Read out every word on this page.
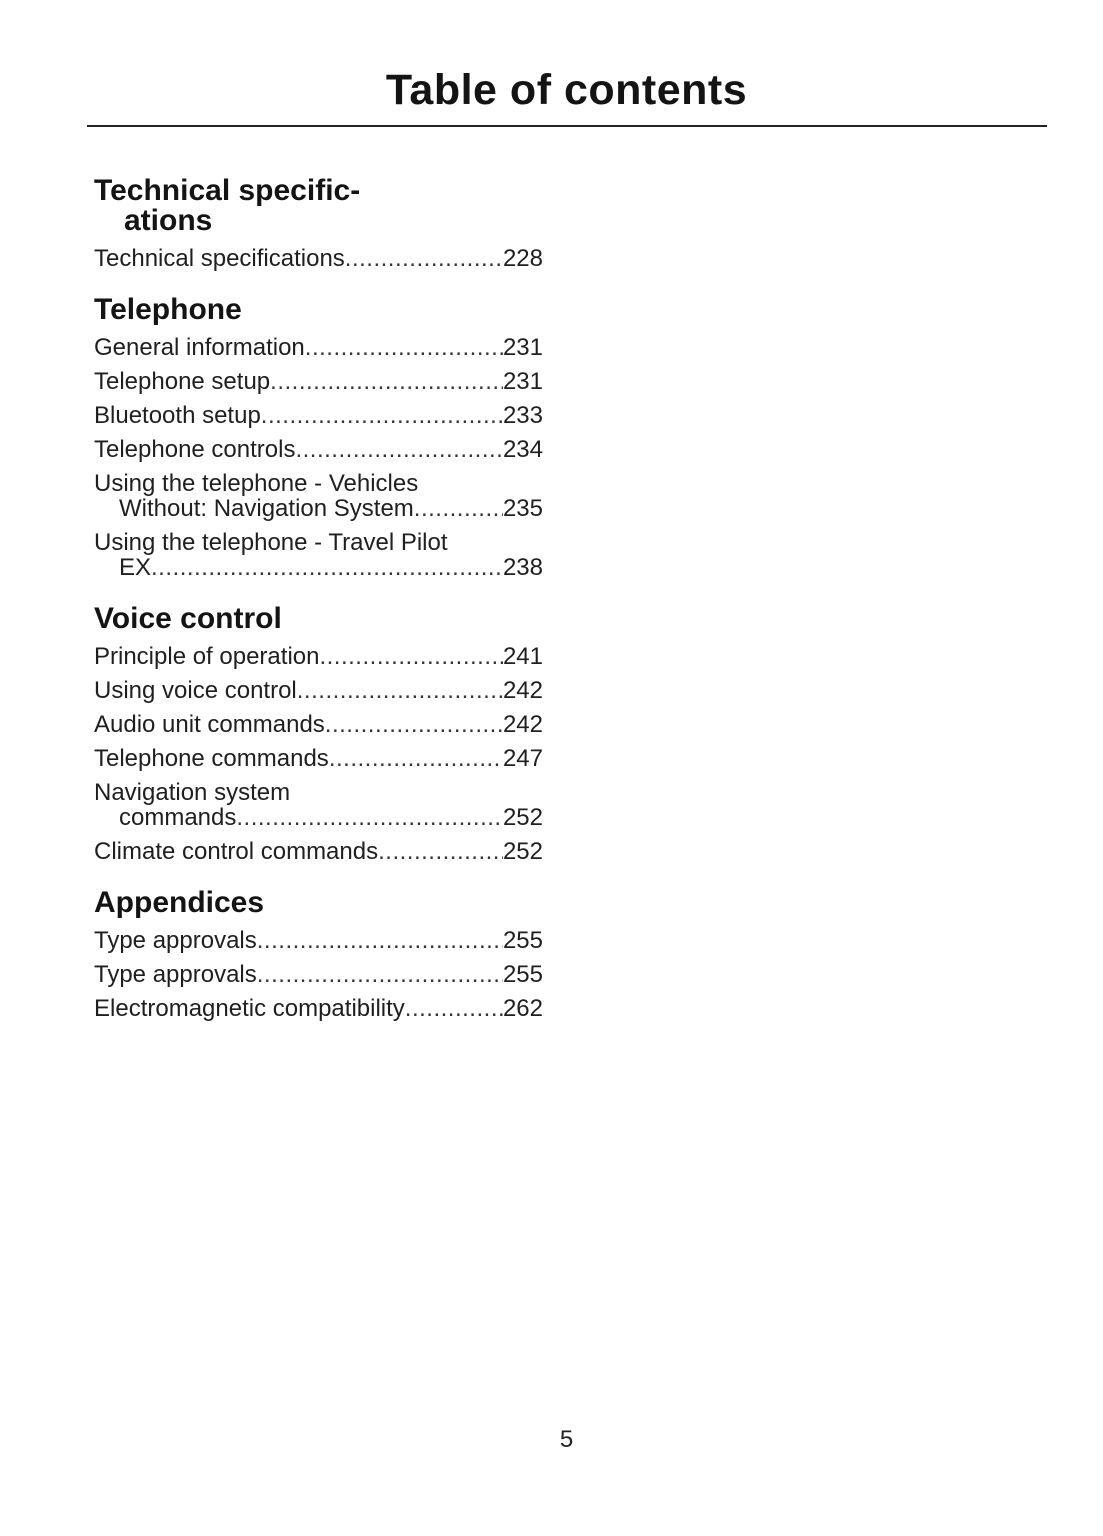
Table of contents
Technical specific-
ations
Technical specifications .....	228
Telephone
General information .....	231
Telephone setup .....	231
Bluetooth setup .....	233
Telephone controls .....	234
Using the telephone - Vehicles
Without: Navigation System .....	235
Using the telephone - Travel Pilot
EX .....	238
Voice control
Principle of operation .....	241
Using voice control .....	242
Audio unit commands .....	242
Telephone commands .....	247
Navigation system
commands .....	252
Climate control commands .....	252
Appendices
Type approvals .....	255
Type approvals .....	255
Electromagnetic compatibility .....	262
5
